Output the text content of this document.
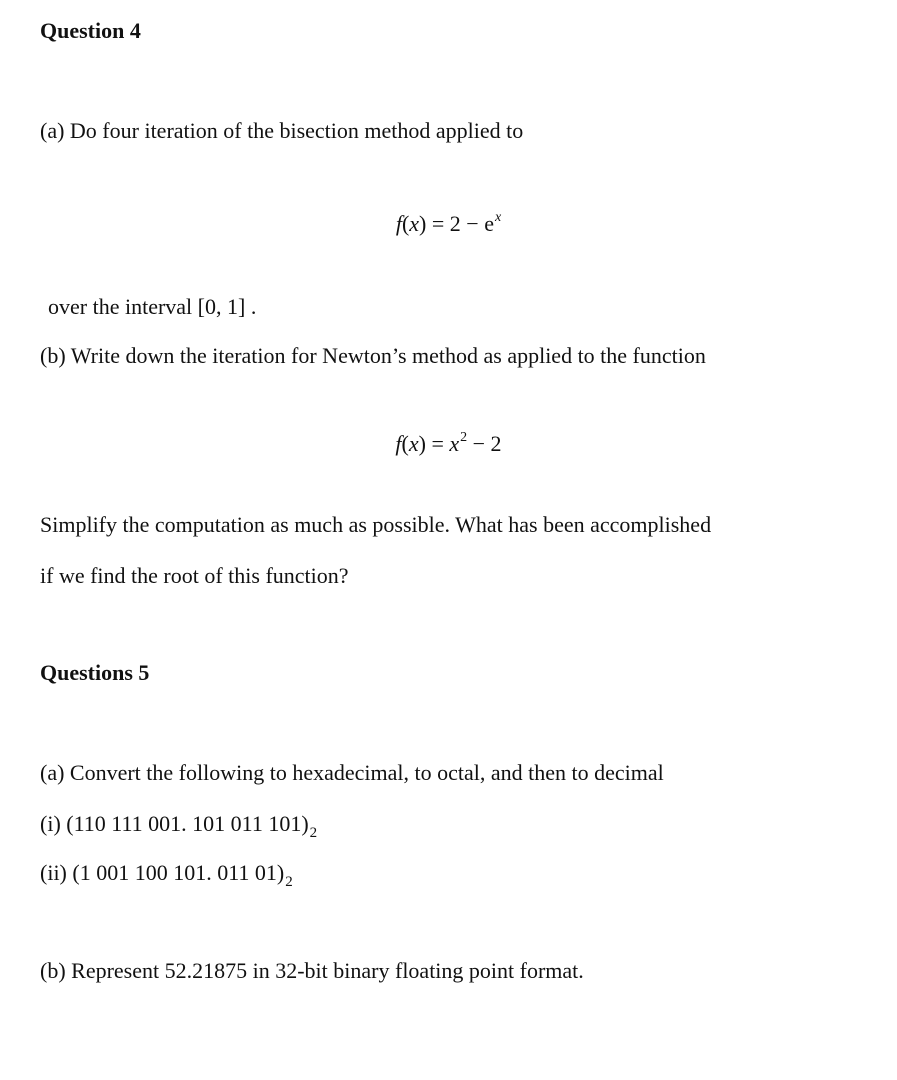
Question 4
(a) Do four iteration of the bisection method applied to
$f(x) = 2 - e^x$
over the interval [0, 1] .
(b) Write down the iteration for Newton’s method as applied to the function
$f(x) = x^2 - 2$
Simplify the computation as much as possible. What has been accomplished
if we find the root of this function?
Questions 5
(a) Convert the following to hexadecimal, to octal, and then to decimal
(i) (110 111 001. 101 011 $101)_2$
(ii) (1 001 100 101. 011 $01)_2$
(b) Represent 52.21875 in 32-bit binary floating point format.
